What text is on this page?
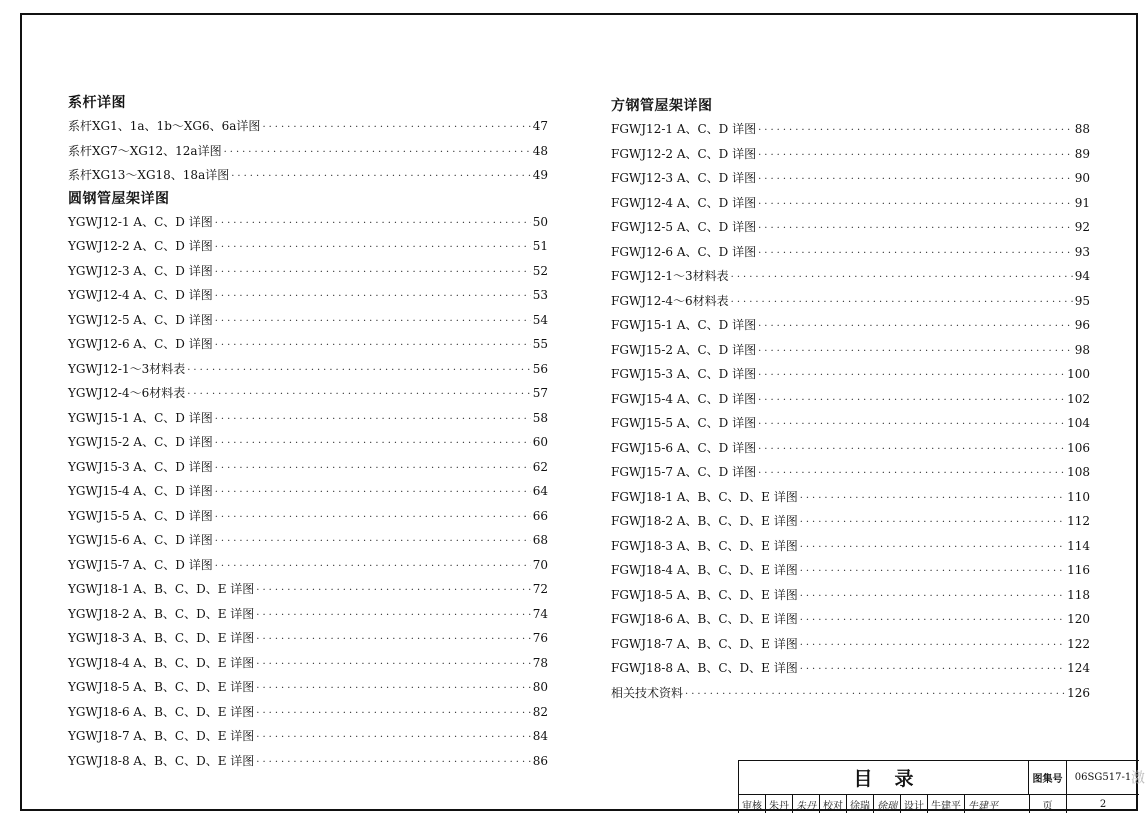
系杆详图
系杆XG1、1a、1b～XG6、6a详图 ·····	47
系杆XG7～XG12、12a详图 ·····	48
系杆XG13～XG18、18a详图 ·····	49
圆钢管屋架详图
YGWJ12-1 A、C、D 详图 ·····	50
YGWJ12-2 A、C、D 详图 ·····	51
YGWJ12-3 A、C、D 详图 ·····	52
YGWJ12-4 A、C、D 详图 ·····	53
YGWJ12-5 A、C、D 详图 ·····	54
YGWJ12-6 A、C、D 详图 ·····	55
YGWJ12-1～3材料表 ·····	56
YGWJ12-4～6材料表 ·····	57
YGWJ15-1 A、C、D 详图 ·····	58
YGWJ15-2 A、C、D 详图 ·····	60
YGWJ15-3 A、C、D 详图 ·····	62
YGWJ15-4 A、C、D 详图 ·····	64
YGWJ15-5 A、C、D 详图 ·····	66
YGWJ15-6 A、C、D 详图 ·····	68
YGWJ15-7 A、C、D 详图 ·····	70
YGWJ18-1 A、B、C、D、E 详图 ·····	72
YGWJ18-2 A、B、C、D、E 详图 ·····	74
YGWJ18-3 A、B、C、D、E 详图 ·····	76
YGWJ18-4 A、B、C、D、E 详图 ·····	78
YGWJ18-5 A、B、C、D、E 详图 ·····	80
YGWJ18-6 A、B、C、D、E 详图 ·····	82
YGWJ18-7 A、B、C、D、E 详图 ·····	84
YGWJ18-8 A、B、C、D、E 详图 ·····	86
方钢管屋架详图
FGWJ12-1 A、C、D 详图 ·····	88
FGWJ12-2 A、C、D 详图 ·····	89
FGWJ12-3 A、C、D 详图 ·····	90
FGWJ12-4 A、C、D 详图 ·····	91
FGWJ12-5 A、C、D 详图 ·····	92
FGWJ12-6 A、C、D 详图 ·····	93
FGWJ12-1～3材料表 ·····	94
FGWJ12-4～6材料表 ·····	95
FGWJ15-1 A、C、D 详图 ·····	96
FGWJ15-2 A、C、D 详图 ·····	98
FGWJ15-3 A、C、D 详图 ·····	100
FGWJ15-4 A、C、D 详图 ·····	102
FGWJ15-5 A、C、D 详图 ·····	104
FGWJ15-6 A、C、D 详图 ·····	106
FGWJ15-7 A、C、D 详图 ·····	108
FGWJ18-1 A、B、C、D、E 详图 ·····	110
FGWJ18-2 A、B、C、D、E 详图 ·····	112
FGWJ18-3 A、B、C、D、E 详图 ·····	114
FGWJ18-4 A、B、C、D、E 详图 ·····	116
FGWJ18-5 A、B、C、D、E 详图 ·····	118
FGWJ18-6 A、B、C、D、E 详图 ·····	120
FGWJ18-7 A、B、C、D、E 详图 ·····	122
FGWJ18-8 A、B、C、D、E 详图 ·····	124
相关技术资料 ·····	126
目录	图集号	06SG517-1
审核 朱丹 朱丹 校对 徐瑞 徐瑞 设计 牛建平 牛建平	页	2
激
